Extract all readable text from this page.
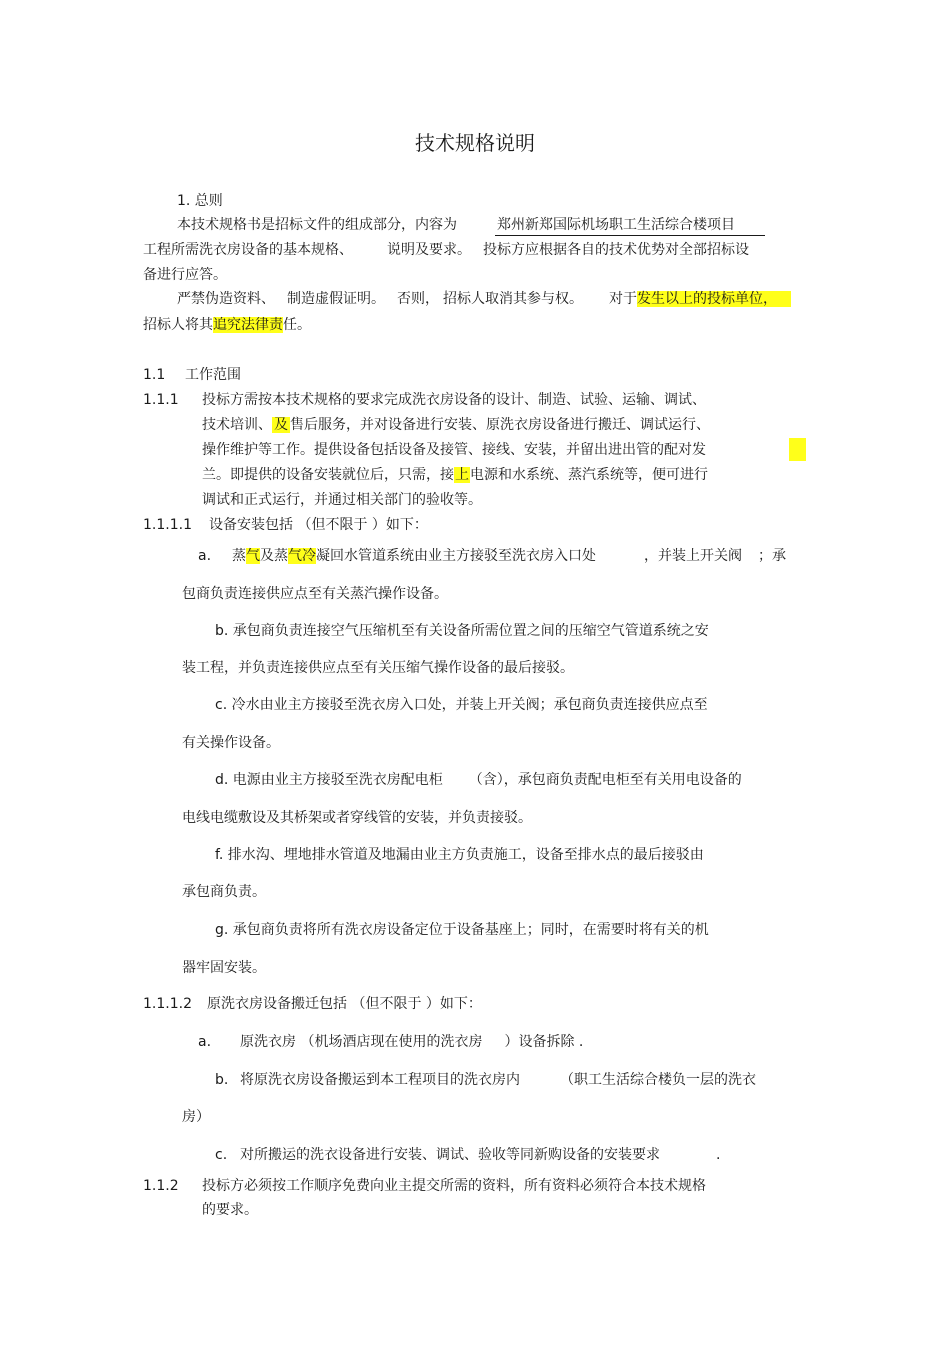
技术规格说明
1. 总则
本技术规格书是招标文件的组成部分，内容为	郑州新郑国际机场职工生活综合楼项目
工程所需洗衣房设备的基本规格、 说明及要求。 投标方应根据各自的技术优势对全部招标设
备进行应答。
严禁伪造资料、 制造虚假证明。 否则， 招标人取消其参与权。 对于发生以上的投标单位，
招标人将其追究法律责任。
1.1 工作范围
1.1.1 投标方需按本技术规格的要求完成洗衣房设备的设计、制造、试验、运输、调试、
技术培训、 及 售后服务，并对设备进行安装、原洗衣房设备进行搬迁、调试运行、
操作维护等工作。提供设备包括设备及接管、接线、安装，并留出进出管的配对发
兰。即提供的设备安装就位后，只需，接上电源和水系统、蒸汽系统等，便可进行
调试和正式运行，并通过相关部门的验收等。
1.1.1.1 设备安装包括 （但不限于 ）如下：
a. 蒸气及蒸气冷凝回水管道系统由业主方接驳至洗衣房入口处	，并装上开关阀 ；承
包商负责连接供应点至有关蒸汽操作设备。
b. 承包商负责连接空气压缩机至有关设备所需位置之间的压缩空气管道系统之安
装工程，并负责连接供应点至有关压缩气操作设备的最后接驳。
c. 冷水由业主方接驳至洗衣房入口处，并装上开关阀；承包商负责连接供应点至
有关操作设备。
d. 电源由业主方接驳至洗衣房配电柜 （含），承包商负责配电柜至有关用电设备的
电线电缆敷设及其桥架或者穿线管的安装，并负责接驳。
f. 排水沟、埋地排水管道及地漏由业主方负责施工，设备至排水点的最后接驳由
承包商负责。
g. 承包商负责将所有洗衣房设备定位于设备基座上；同时，在需要时将有关的机
器牢固安装。
1.1.1.2 原洗衣房设备搬迁包括 （但不限于 ）如下：
a. 原洗衣房 （机场酒店现在使用的洗衣房 ）设备拆除 .
b. 将原洗衣房设备搬运到本工程项目的洗衣房内	（职工生活综合楼负一层的洗衣
房）
c. 对所搬运的洗衣设备进行安装、调试、验收等同新购设备的安装要求	.
1.1.2 投标方必须按工作顺序免费向业主提交所需的资料，所有资料必须符合本技术规格
的要求。
